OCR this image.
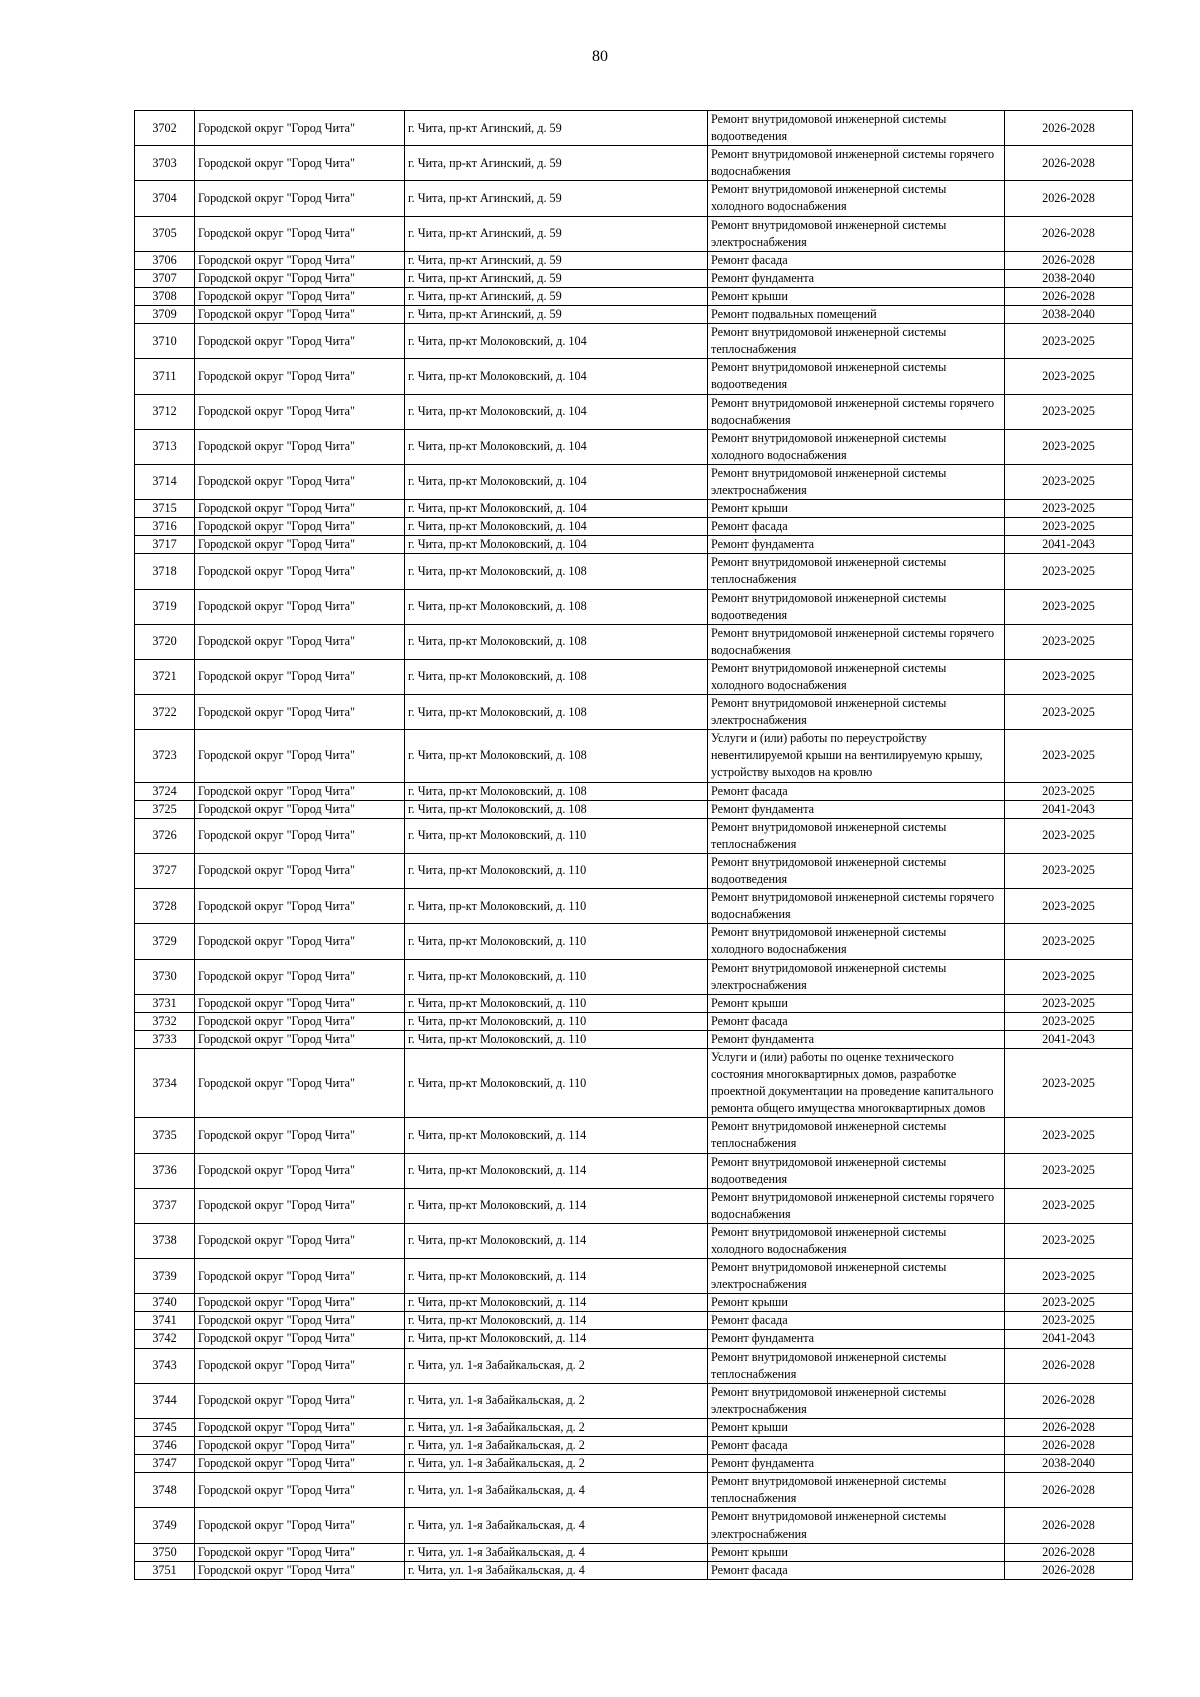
80
3702	Городской округ "Город Чита"	г. Чита, пр-кт Агинский, д. 59	Ремонт внутридомовой инженерной системы водоотведения	2026-2028
3703	Городской округ "Город Чита"	г. Чита, пр-кт Агинский, д. 59	Ремонт внутридомовой инженерной системы горячего водоснабжения	2026-2028
3704	Городской округ "Город Чита"	г. Чита, пр-кт Агинский, д. 59	Ремонт внутридомовой инженерной системы холодного водоснабжения	2026-2028
3705	Городской округ "Город Чита"	г. Чита, пр-кт Агинский, д. 59	Ремонт внутридомовой инженерной системы электроснабжения	2026-2028
3706	Городской округ "Город Чита"	г. Чита, пр-кт Агинский, д. 59	Ремонт фасада	2026-2028
3707	Городской округ "Город Чита"	г. Чита, пр-кт Агинский, д. 59	Ремонт фундамента	2038-2040
3708	Городской округ "Город Чита"	г. Чита, пр-кт Агинский, д. 59	Ремонт крыши	2026-2028
3709	Городской округ "Город Чита"	г. Чита, пр-кт Агинский, д. 59	Ремонт подвальных помещений	2038-2040
3710	Городской округ "Город Чита"	г. Чита, пр-кт Молоковский, д. 104	Ремонт внутридомовой инженерной системы теплоснабжения	2023-2025
3711	Городской округ "Город Чита"	г. Чита, пр-кт Молоковский, д. 104	Ремонт внутридомовой инженерной системы водоотведения	2023-2025
3712	Городской округ "Город Чита"	г. Чита, пр-кт Молоковский, д. 104	Ремонт внутридомовой инженерной системы горячего водоснабжения	2023-2025
3713	Городской округ "Город Чита"	г. Чита, пр-кт Молоковский, д. 104	Ремонт внутридомовой инженерной системы холодного водоснабжения	2023-2025
3714	Городской округ "Город Чита"	г. Чита, пр-кт Молоковский, д. 104	Ремонт внутридомовой инженерной системы электроснабжения	2023-2025
3715	Городской округ "Город Чита"	г. Чита, пр-кт Молоковский, д. 104	Ремонт крыши	2023-2025
3716	Городской округ "Город Чита"	г. Чита, пр-кт Молоковский, д. 104	Ремонт фасада	2023-2025
3717	Городской округ "Город Чита"	г. Чита, пр-кт Молоковский, д. 104	Ремонт фундамента	2041-2043
3718	Городской округ "Город Чита"	г. Чита, пр-кт Молоковский, д. 108	Ремонт внутридомовой инженерной системы теплоснабжения	2023-2025
3719	Городской округ "Город Чита"	г. Чита, пр-кт Молоковский, д. 108	Ремонт внутридомовой инженерной системы водоотведения	2023-2025
3720	Городской округ "Город Чита"	г. Чита, пр-кт Молоковский, д. 108	Ремонт внутридомовой инженерной системы горячего водоснабжения	2023-2025
3721	Городской округ "Город Чита"	г. Чита, пр-кт Молоковский, д. 108	Ремонт внутридомовой инженерной системы холодного водоснабжения	2023-2025
3722	Городской округ "Город Чита"	г. Чита, пр-кт Молоковский, д. 108	Ремонт внутридомовой инженерной системы электроснабжения	2023-2025
3723	Городской округ "Город Чита"	г. Чита, пр-кт Молоковский, д. 108	Услуги и (или) работы по переустройству невентилируемой крыши на вентилируемую крышу, устройству выходов на кровлю	2023-2025
3724	Городской округ "Город Чита"	г. Чита, пр-кт Молоковский, д. 108	Ремонт фасада	2023-2025
3725	Городской округ "Город Чита"	г. Чита, пр-кт Молоковский, д. 108	Ремонт фундамента	2041-2043
3726	Городской округ "Город Чита"	г. Чита, пр-кт Молоковский, д. 110	Ремонт внутридомовой инженерной системы теплоснабжения	2023-2025
3727	Городской округ "Город Чита"	г. Чита, пр-кт Молоковский, д. 110	Ремонт внутридомовой инженерной системы водоотведения	2023-2025
3728	Городской округ "Город Чита"	г. Чита, пр-кт Молоковский, д. 110	Ремонт внутридомовой инженерной системы горячего водоснабжения	2023-2025
3729	Городской округ "Город Чита"	г. Чита, пр-кт Молоковский, д. 110	Ремонт внутридомовой инженерной системы холодного водоснабжения	2023-2025
3730	Городской округ "Город Чита"	г. Чита, пр-кт Молоковский, д. 110	Ремонт внутридомовой инженерной системы электроснабжения	2023-2025
3731	Городской округ "Город Чита"	г. Чита, пр-кт Молоковский, д. 110	Ремонт крыши	2023-2025
3732	Городской округ "Город Чита"	г. Чита, пр-кт Молоковский, д. 110	Ремонт фасада	2023-2025
3733	Городской округ "Город Чита"	г. Чита, пр-кт Молоковский, д. 110	Ремонт фундамента	2041-2043
3734	Городской округ "Город Чита"	г. Чита, пр-кт Молоковский, д. 110	Услуги и (или) работы по оценке технического состояния многоквартирных домов, разработке проектной документации на проведение капитального ремонта общего имущества многоквартирных домов	2023-2025
3735	Городской округ "Город Чита"	г. Чита, пр-кт Молоковский, д. 114	Ремонт внутридомовой инженерной системы теплоснабжения	2023-2025
3736	Городской округ "Город Чита"	г. Чита, пр-кт Молоковский, д. 114	Ремонт внутридомовой инженерной системы водоотведения	2023-2025
3737	Городской округ "Город Чита"	г. Чита, пр-кт Молоковский, д. 114	Ремонт внутридомовой инженерной системы горячего водоснабжения	2023-2025
3738	Городской округ "Город Чита"	г. Чита, пр-кт Молоковский, д. 114	Ремонт внутридомовой инженерной системы холодного водоснабжения	2023-2025
3739	Городской округ "Город Чита"	г. Чита, пр-кт Молоковский, д. 114	Ремонт внутридомовой инженерной системы электроснабжения	2023-2025
3740	Городской округ "Город Чита"	г. Чита, пр-кт Молоковский, д. 114	Ремонт крыши	2023-2025
3741	Городской округ "Город Чита"	г. Чита, пр-кт Молоковский, д. 114	Ремонт фасада	2023-2025
3742	Городской округ "Город Чита"	г. Чита, пр-кт Молоковский, д. 114	Ремонт фундамента	2041-2043
3743	Городской округ "Город Чита"	г. Чита, ул. 1-я Забайкальская, д. 2	Ремонт внутридомовой инженерной системы теплоснабжения	2026-2028
3744	Городской округ "Город Чита"	г. Чита, ул. 1-я Забайкальская, д. 2	Ремонт внутридомовой инженерной системы электроснабжения	2026-2028
3745	Городской округ "Город Чита"	г. Чита, ул. 1-я Забайкальская, д. 2	Ремонт крыши	2026-2028
3746	Городской округ "Город Чита"	г. Чита, ул. 1-я Забайкальская, д. 2	Ремонт фасада	2026-2028
3747	Городской округ "Город Чита"	г. Чита, ул. 1-я Забайкальская, д. 2	Ремонт фундамента	2038-2040
3748	Городской округ "Город Чита"	г. Чита, ул. 1-я Забайкальская, д. 4	Ремонт внутридомовой инженерной системы теплоснабжения	2026-2028
3749	Городской округ "Город Чита"	г. Чита, ул. 1-я Забайкальская, д. 4	Ремонт внутридомовой инженерной системы электроснабжения	2026-2028
3750	Городской округ "Город Чита"	г. Чита, ул. 1-я Забайкальская, д. 4	Ремонт крыши	2026-2028
3751	Городской округ "Город Чита"	г. Чита, ул. 1-я Забайкальская, д. 4	Ремонт фасада	2026-2028
